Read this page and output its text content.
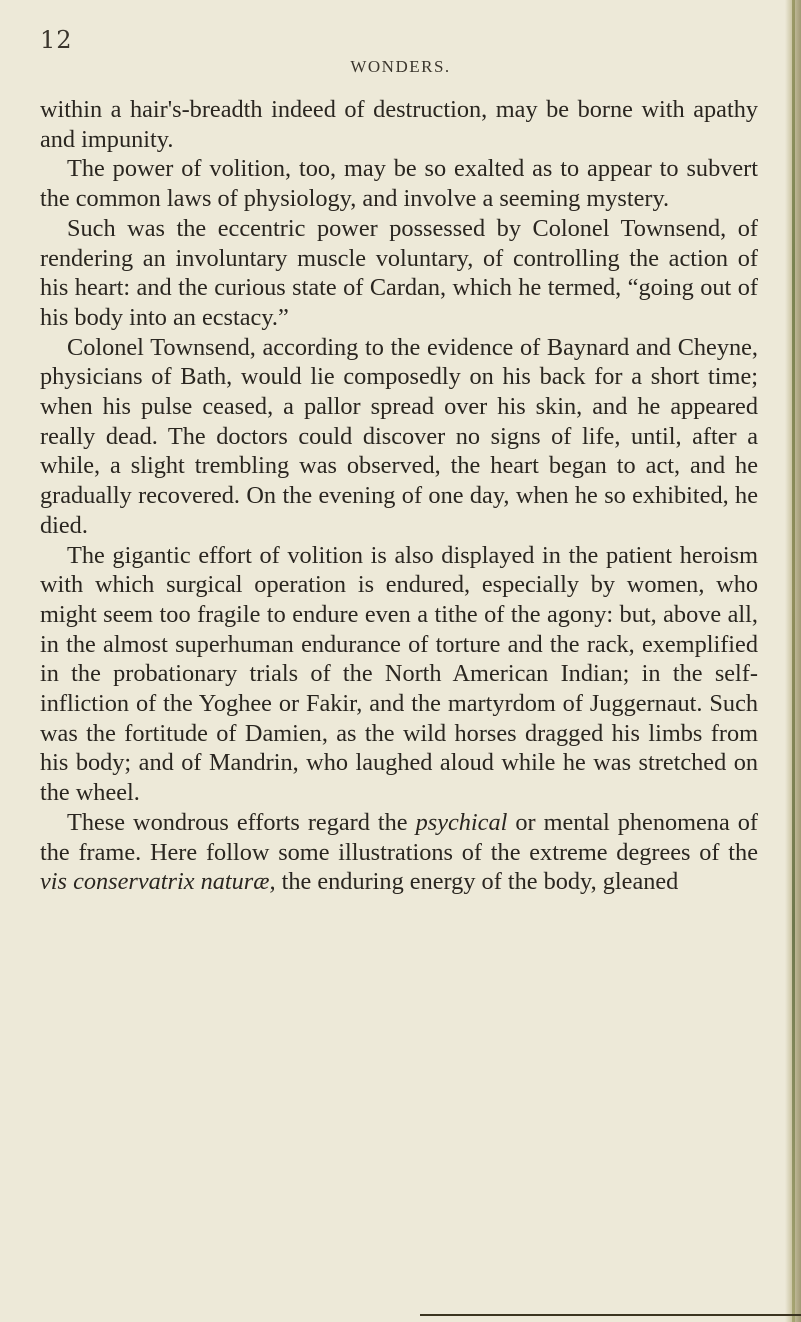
12
WONDERS.

within a hair's-breadth indeed of destruction, may be borne with apathy and impunity.

The power of volition, too, may be so exalted as to appear to subvert the common laws of physiology, and involve a seeming mystery.

Such was the eccentric power possessed by Colonel Townsend, of rendering an involuntary muscle voluntary, of controlling the action of his heart: and the curious state of Cardan, which he termed, “going out of his body into an ecstacy.”

Colonel Townsend, according to the evidence of Baynard and Cheyne, physicians of Bath, would lie composedly on his back for a short time; when his pulse ceased, a pallor spread over his skin, and he appeared really dead. The doctors could discover no signs of life, until, after a while, a slight trembling was observed, the heart began to act, and he gradually recovered. On the evening of one day, when he so exhibited, he died.

The gigantic effort of volition is also displayed in the patient heroism with which surgical operation is endured, especially by women, who might seem too fragile to endure even a tithe of the agony: but, above all, in the almost superhuman endurance of torture and the rack, exemplified in the probationary trials of the North American Indian; in the self-infliction of the Yoghee or Fakir, and the martyrdom of Juggernaut. Such was the fortitude of Damien, as the wild horses dragged his limbs from his body; and of Mandrin, who laughed aloud while he was stretched on the wheel.

These wondrous efforts regard the psychical or mental phenomena of the frame. Here follow some illustrations of the extreme degrees of the vis conservatrix naturæ, the enduring energy of the body, gleaned
